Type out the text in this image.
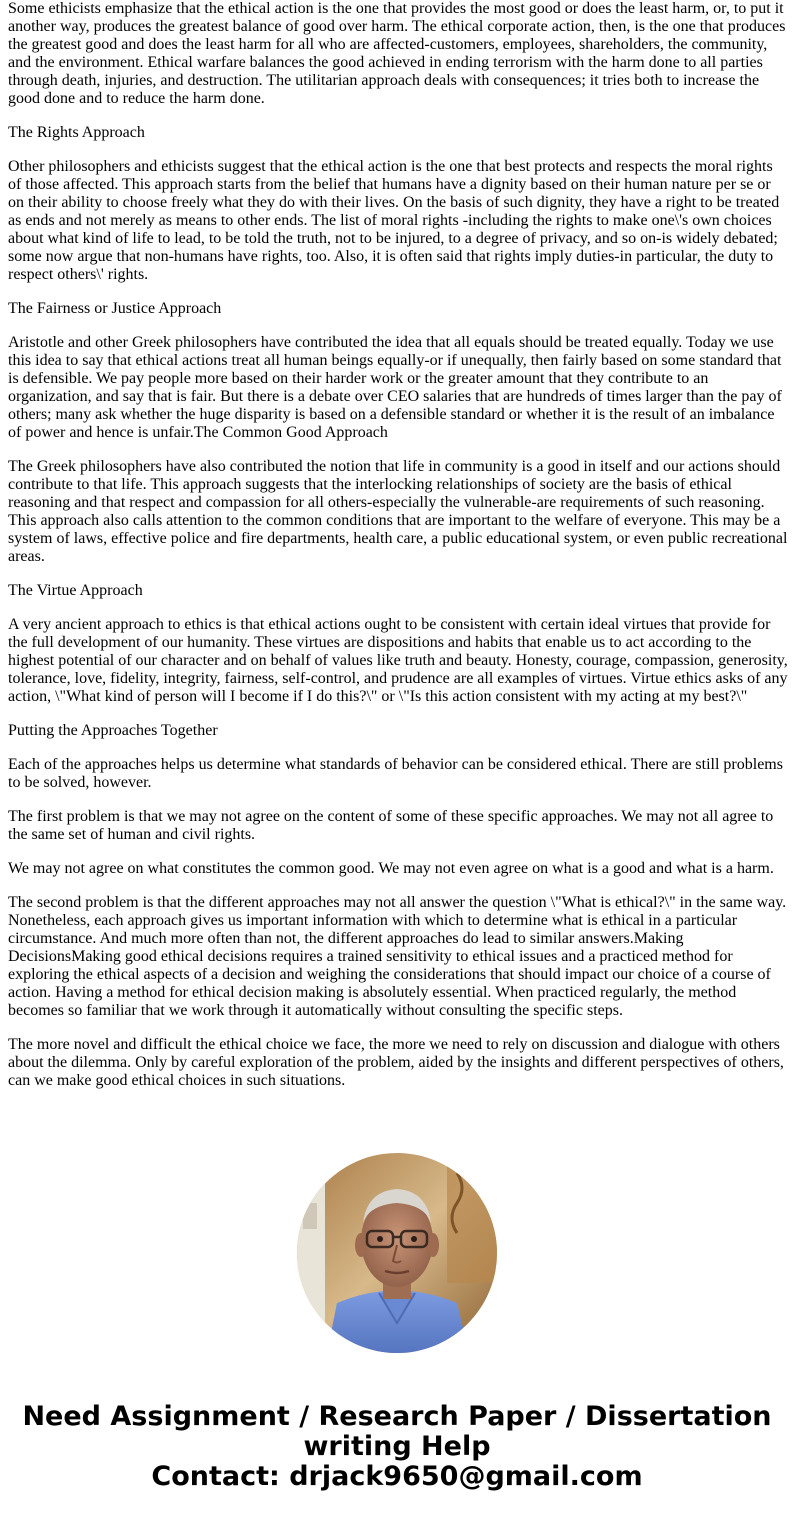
Some ethicists emphasize that the ethical action is the one that provides the most good or does the least harm, or, to put it another way, produces the greatest balance of good over harm. The ethical corporate action, then, is the one that produces the greatest good and does the least harm for all who are affected-customers, employees, shareholders, the community, and the environment. Ethical warfare balances the good achieved in ending terrorism with the harm done to all parties through death, injuries, and destruction. The utilitarian approach deals with consequences; it tries both to increase the good done and to reduce the harm done.

The Rights Approach

Other philosophers and ethicists suggest that the ethical action is the one that best protects and respects the moral rights of those affected. This approach starts from the belief that humans have a dignity based on their human nature per se or on their ability to choose freely what they do with their lives. On the basis of such dignity, they have a right to be treated as ends and not merely as means to other ends. The list of moral rights -including the rights to make one\'s own choices about what kind of life to lead, to be told the truth, not to be injured, to a degree of privacy, and so on-is widely debated; some now argue that non-humans have rights, too. Also, it is often said that rights imply duties-in particular, the duty to respect others\' rights.

The Fairness or Justice Approach

Aristotle and other Greek philosophers have contributed the idea that all equals should be treated equally. Today we use this idea to say that ethical actions treat all human beings equally-or if unequally, then fairly based on some standard that is defensible. We pay people more based on their harder work or the greater amount that they contribute to an organization, and say that is fair. But there is a debate over CEO salaries that are hundreds of times larger than the pay of others; many ask whether the huge disparity is based on a defensible standard or whether it is the result of an imbalance of power and hence is unfair.The Common Good Approach

The Greek philosophers have also contributed the notion that life in community is a good in itself and our actions should contribute to that life. This approach suggests that the interlocking relationships of society are the basis of ethical reasoning and that respect and compassion for all others-especially the vulnerable-are requirements of such reasoning. This approach also calls attention to the common conditions that are important to the welfare of everyone. This may be a system of laws, effective police and fire departments, health care, a public educational system, or even public recreational areas.

The Virtue Approach

A very ancient approach to ethics is that ethical actions ought to be consistent with certain ideal virtues that provide for the full development of our humanity. These virtues are dispositions and habits that enable us to act according to the highest potential of our character and on behalf of values like truth and beauty. Honesty, courage, compassion, generosity, tolerance, love, fidelity, integrity, fairness, self-control, and prudence are all examples of virtues. Virtue ethics asks of any action, \"What kind of person will I become if I do this?\" or \"Is this action consistent with my acting at my best?\"

Putting the Approaches Together

Each of the approaches helps us determine what standards of behavior can be considered ethical. There are still problems to be solved, however.

The first problem is that we may not agree on the content of some of these specific approaches. We may not all agree to the same set of human and civil rights.

We may not agree on what constitutes the common good. We may not even agree on what is a good and what is a harm.

The second problem is that the different approaches may not all answer the question \"What is ethical?\" in the same way. Nonetheless, each approach gives us important information with which to determine what is ethical in a particular circumstance. And much more often than not, the different approaches do lead to similar answers.Making DecisionsMaking good ethical decisions requires a trained sensitivity to ethical issues and a practiced method for exploring the ethical aspects of a decision and weighing the considerations that should impact our choice of a course of action. Having a method for ethical decision making is absolutely essential. When practiced regularly, the method becomes so familiar that we work through it automatically without consulting the specific steps.

The more novel and difficult the ethical choice we face, the more we need to rely on discussion and dialogue with others about the dilemma. Only by careful exploration of the problem, aided by the insights and different perspectives of others, can we make good ethical choices in such situations.

Need Assignment / Research Paper / Dissertation
writing Help
Contact: drjack9650@gmail.com
